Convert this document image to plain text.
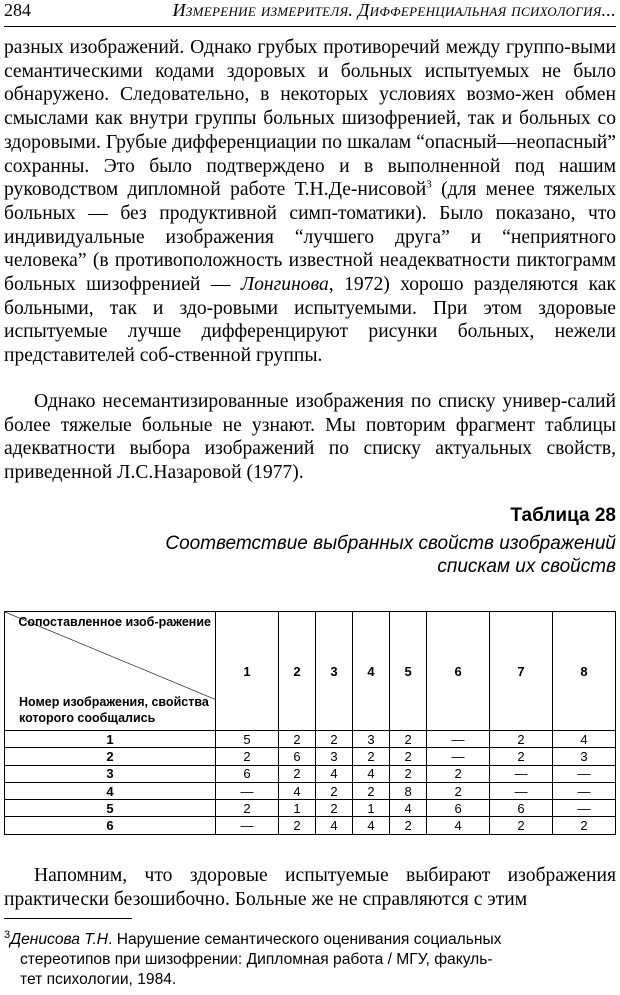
284	Измерение измерителя. Дифференциальная психология...

разных изображений. Однако грубых противоречий между группо-выми семантическими кодами здоровых и больных испытуемых не было обнаружено. Следовательно, в некоторых условиях возмо-жен обмен смыслами как внутри группы больных шизофренией, так и больных со здоровыми. Грубые дифференциации по шкалам “опасный—неопасный” сохранны. Это было подтверждено и в выполненной под нашим руководством дипломной работе Т.Н.Де-нисовой$^3$ (для менее тяжелых больных — без продуктивной симп-томатики). Было показано, что индивидуальные изображения “лучшего друга” и “неприятного человека” (в противоположность известной неадекватности пиктограмм больных шизофренией — Лонгинова, 1972) хорошо разделяются как больными, так и здо-ровыми испытуемыми. При этом здоровые испытуемые лучше дифференцируют рисунки больных, нежели представителей соб-ственной группы.

Однако несемантизированные изображения по списку универ-салий более тяжелые больные не узнают. Мы повторим фрагмент таблицы адекватности выбора изображений по списку актуальных свойств, приведенной Л.С.Назаровой (1977).

Таблица 28
Соответствие выбранных свойств изображений спискам их свойств
Сопоставленное изоб-ражение
Номер изображения, свойства которого сообщались	1	2	3	4	5	6	7	8
1	5	2	2	3	2	—	2	4
2	2	6	3	2	2	—	2	3
3	6	2	4	4	2	2	—	—
4	—	4	2	2	8	2	—	—
5	2	1	2	1	4	6	6	—
6	—	2	4	4	2	4	2	2

Напомним, что здоровые испытуемые выбирают изображения практически безошибочно. Больные же не справляются с этим

$^3$Денисова Т.Н. Нарушение семантического оценивания социальных
стереотипов при шизофрении: Дипломная работа / МГУ, факуль-
тет психологии, 1984.
